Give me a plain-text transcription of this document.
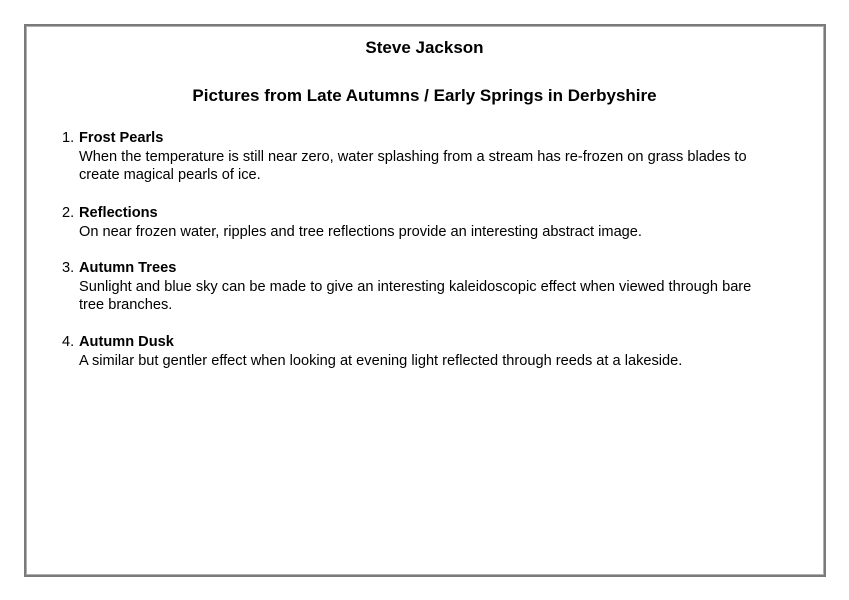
Steve Jackson
Pictures from Late Autumns / Early Springs in Derbyshire
1. Frost Pearls
When the temperature is still near zero, water splashing from a stream has re-frozen on grass blades to create magical pearls of ice.
2. Reflections
On near frozen water, ripples and tree reflections provide an interesting abstract image.
3. Autumn Trees
Sunlight and blue sky can be made to give an interesting kaleidoscopic effect when viewed through bare tree branches.
4. Autumn Dusk
A similar but gentler effect when looking at evening light reflected through reeds at a lakeside.
